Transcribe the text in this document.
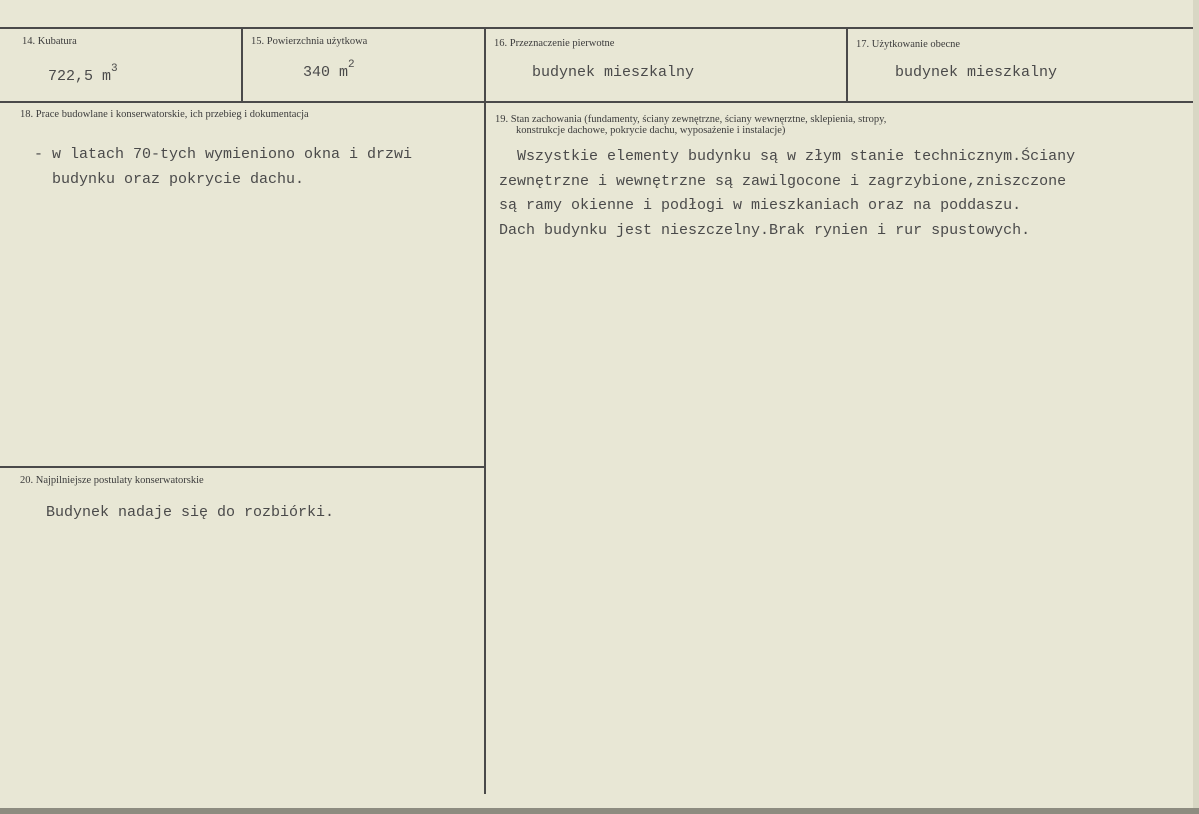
14. Kubatura
722,5 $m^3$
15. Powierzchnia użytkowa
340 $m^2$
16. Przeznaczenie pierwotne
budynek mieszkalny
17. Użytkowanie obecne
budynek mieszkalny
18. Prace budowlane i konserwatorskie, ich przebieg i dokumentacja
- w latach 70-tych wymieniono okna i drzwi
budynku oraz pokrycie dachu.
19. Stan zachowania (fundamenty, ściany zewnętrzne, ściany wewnęrztne, sklepienia, stropy,
konstrukcje dachowe, pokrycie dachu, wyposażenie i instalacje)
Wszystkie elementy budynku są w złym stanie technicznym.Ściany
zewnętrzne i wewnętrzne są zawilgocone i zagrzybione,zniszczone
są ramy okienne i podłogi w mieszkaniach oraz na poddaszu.
Dach budynku jest nieszczelny.Brak rynien i rur spustowych.
20. Najpilniejsze postulaty konserwatorskie
Budynek nadaje się do rozbiórki.
